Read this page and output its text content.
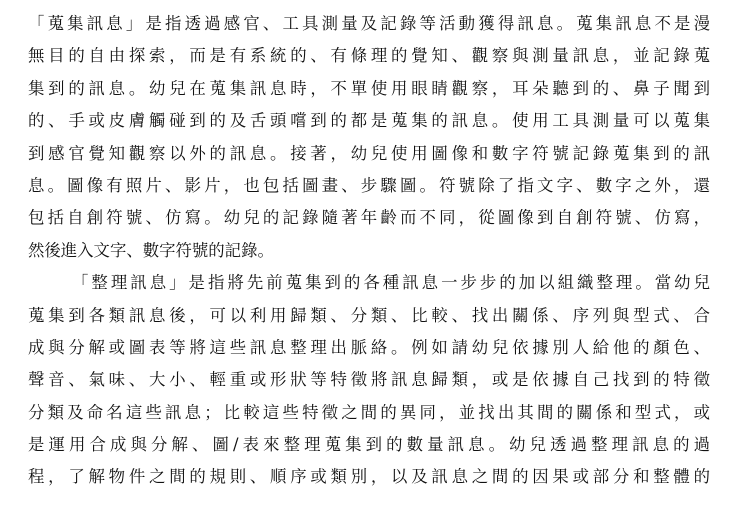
「蒐集訊息」是指透過感官、工具測量及記錄等活動獲得訊息。蒐集訊息不是漫
無目的自由探索，而是有系統的、有條理的覺知、觀察與測量訊息，並記錄蒐
集到的訊息。幼兒在蒐集訊息時，不單使用眼睛觀察，耳朵聽到的、鼻子聞到
的、手或皮膚觸碰到的及舌頭嚐到的都是蒐集的訊息。使用工具測量可以蒐集
到感官覺知觀察以外的訊息。接著，幼兒使用圖像和數字符號記錄蒐集到的訊
息。圖像有照片、影片，也包括圖畫、步驟圖。符號除了指文字、數字之外，還
包括自創符號、仿寫。幼兒的記錄隨著年齡而不同，從圖像到自創符號、仿寫，
然後進入文字、數字符號的記錄。
「整理訊息」是指將先前蒐集到的各種訊息一步步的加以組織整理。當幼兒
蒐集到各類訊息後，可以利用歸類、分類、比較、找出關係、序列與型式、合
成與分解或圖表等將這些訊息整理出脈絡。例如請幼兒依據別人給他的顏色、
聲音、氣味、大小、輕重或形狀等特徵將訊息歸類，或是依據自己找到的特徵
分類及命名這些訊息；比較這些特徵之間的異同，並找出其間的關係和型式，或
是運用合成與分解、圖/表來整理蒐集到的數量訊息。幼兒透過整理訊息的過
程，了解物件之間的規則、順序或類別，以及訊息之間的因果或部分和整體的
